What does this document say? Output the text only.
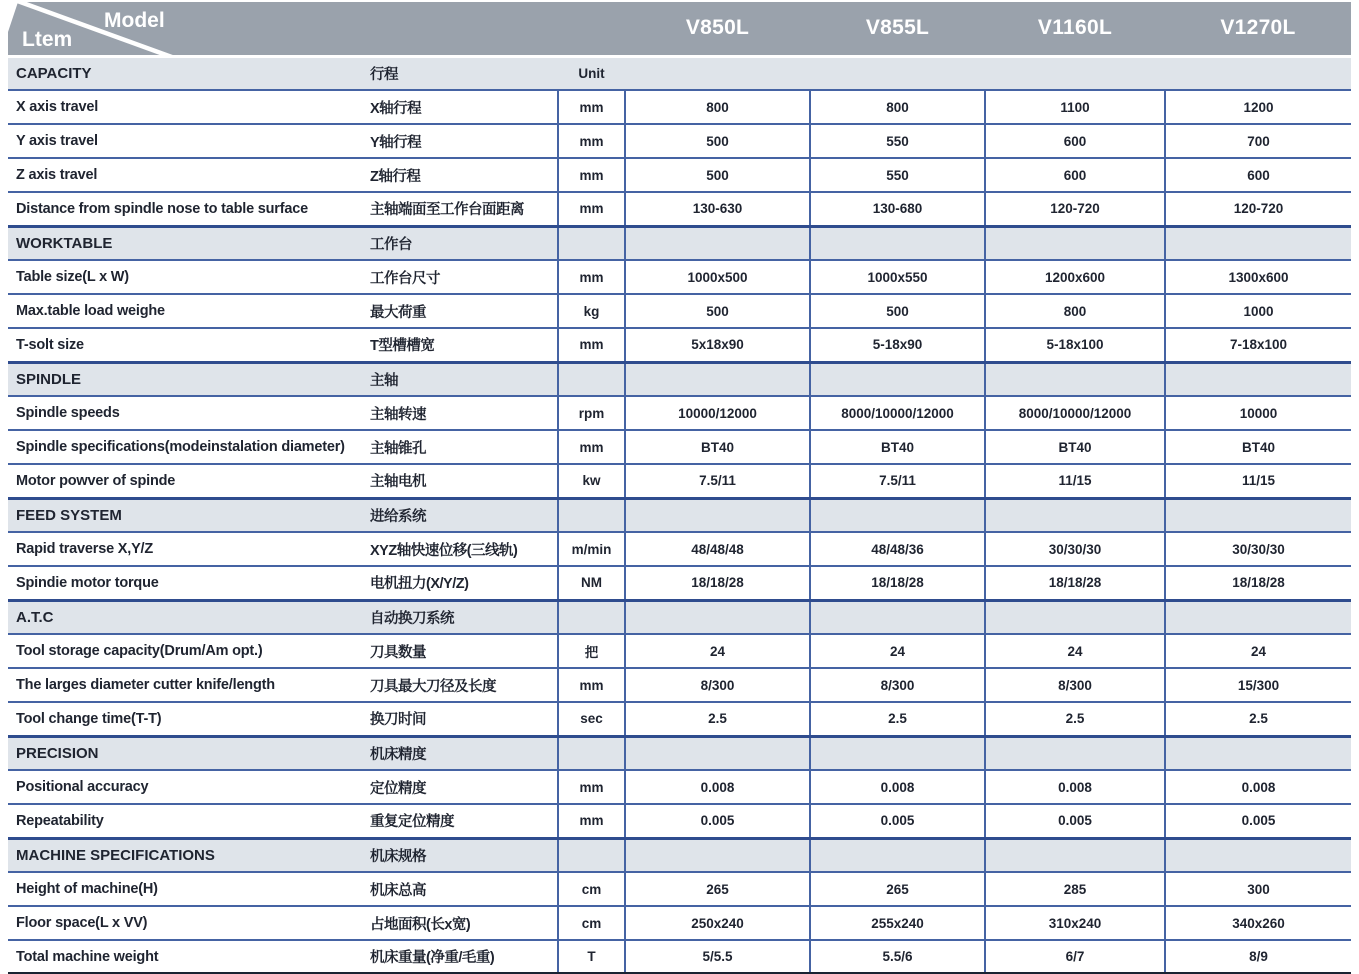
Model
Ltem			V850L	V855L	V1160L	V1270L
CAPACITY	行程	Unit				
X axis travel	X轴行程	mm	800	800	1100	1200
Y axis travel	Y轴行程	mm	500	550	600	700
Z axis travel	Z轴行程	mm	500	550	600	600
Distance from spindle nose to table surface	主轴端面至工作台面距离	mm	130-630	130-680	120-720	120-720
WORKTABLE	工作台					
Table size(L x W)	工作台尺寸	mm	1000x500	1000x550	1200x600	1300x600
Max.table load weighe	最大荷重	kg	500	500	800	1000
T-solt size	T型槽槽宽	mm	5x18x90	5-18x90	5-18x100	7-18x100
SPINDLE	主轴					
Spindle speeds	主轴转速	rpm	10000/12000	8000/10000/12000	8000/10000/12000	10000
Spindle specifications(modeinstalation diameter)	主轴锥孔	mm	BT40	BT40	BT40	BT40
Motor powver of spinde	主轴电机	kw	7.5/11	7.5/11	11/15	11/15
FEED SYSTEM	进给系统					
Rapid traverse X,Y/Z	XYZ轴快速位移(三线轨)	m/min	48/48/48	48/48/36	30/30/30	30/30/30
Spindie motor torque	电机扭力(X/Y/Z)	NM	18/18/28	18/18/28	18/18/28	18/18/28
A.T.C	自动换刀系统					
Tool storage capacity(Drum/Am opt.)	刀具数量	把	24	24	24	24
The larges diameter cutter knife/length	刀具最大刀径及长度	mm	8/300	8/300	8/300	15/300
Tool change time(T-T)	换刀时间	sec	2.5	2.5	2.5	2.5
PRECISION	机床精度					
Positional accuracy	定位精度	mm	0.008	0.008	0.008	0.008
Repeatability	重复定位精度	mm	0.005	0.005	0.005	0.005
MACHINE SPECIFICATIONS	机床规格					
Height of machine(H)	机床总高	cm	265	265	285	300
Floor space(L x VV)	占地面积(长x宽)	cm	250x240	255x240	310x240	340x260
Total machine weight	机床重量(净重/毛重)	T	5/5.5	5.5/6	6/7	8/9
